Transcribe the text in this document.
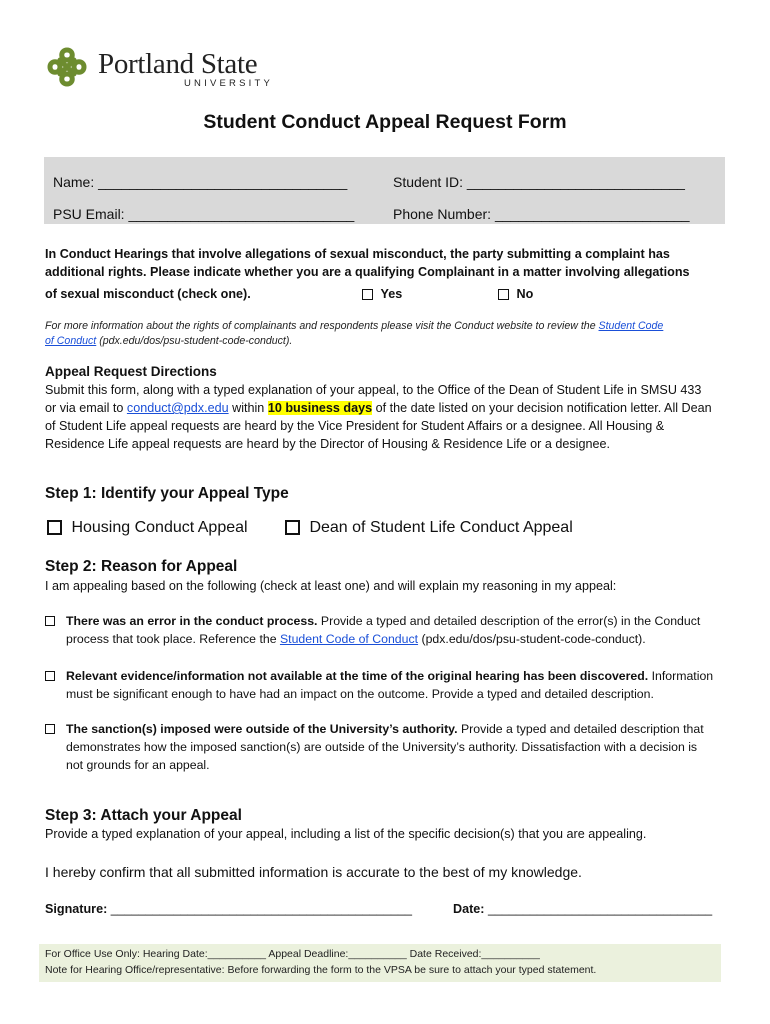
Portland State
UNIVERSITY
Student Conduct Appeal Request Form
Name: ________________________________	Student ID: ____________________________
PSU Email: _____________________________	Phone Number: _________________________
In Conduct Hearings that involve allegations of sexual misconduct, the party submitting a complaint has
additional rights. Please indicate whether you are a qualifying Complainant in a matter involving allegations
of sexual misconduct (check one).	Yes	No
For more information about the rights of complainants and respondents please visit the Conduct website to review the Student Code
of Conduct (pdx.edu/dos/psu-student-code-conduct).
Appeal Request Directions
Submit this form, along with a typed explanation of your appeal, to the Office of the Dean of Student Life in SMSU 433
or via email to conduct@pdx.edu within 10 business days of the date listed on your decision notification letter. All Dean
of Student Life appeal requests are heard by the Vice President for Student Affairs or a designee. All Housing &
Residence Life appeal requests are heard by the Director of Housing & Residence Life or a designee.
Step 1: Identify your Appeal Type
Housing Conduct Appeal	Dean of Student Life Conduct Appeal
Step 2: Reason for Appeal
I am appealing based on the following (check at least one) and will explain my reasoning in my appeal:
There was an error in the conduct process. Provide a typed and detailed description of the error(s) in the Conduct
process that took place. Reference the Student Code of Conduct (pdx.edu/dos/psu-student-code-conduct).
Relevant evidence/information not available at the time of the original hearing has been discovered. Information
must be significant enough to have had an impact on the outcome. Provide a typed and detailed description.
The sanction(s) imposed were outside of the University’s authority. Provide a typed and detailed description that
demonstrates how the imposed sanction(s) are outside of the University’s authority. Dissatisfaction with a decision is
not grounds for an appeal.
Step 3: Attach your Appeal
Provide a typed explanation of your appeal, including a list of the specific decision(s) that you are appealing.
I hereby confirm that all submitted information is accurate to the best of my knowledge.
Signature: ___________________________________________	Date: ________________________________
For Office Use Only: Hearing Date:__________ Appeal Deadline:__________ Date Received:__________
Note for Hearing Office/representative: Before forwarding the form to the VPSA be sure to attach your typed statement.
